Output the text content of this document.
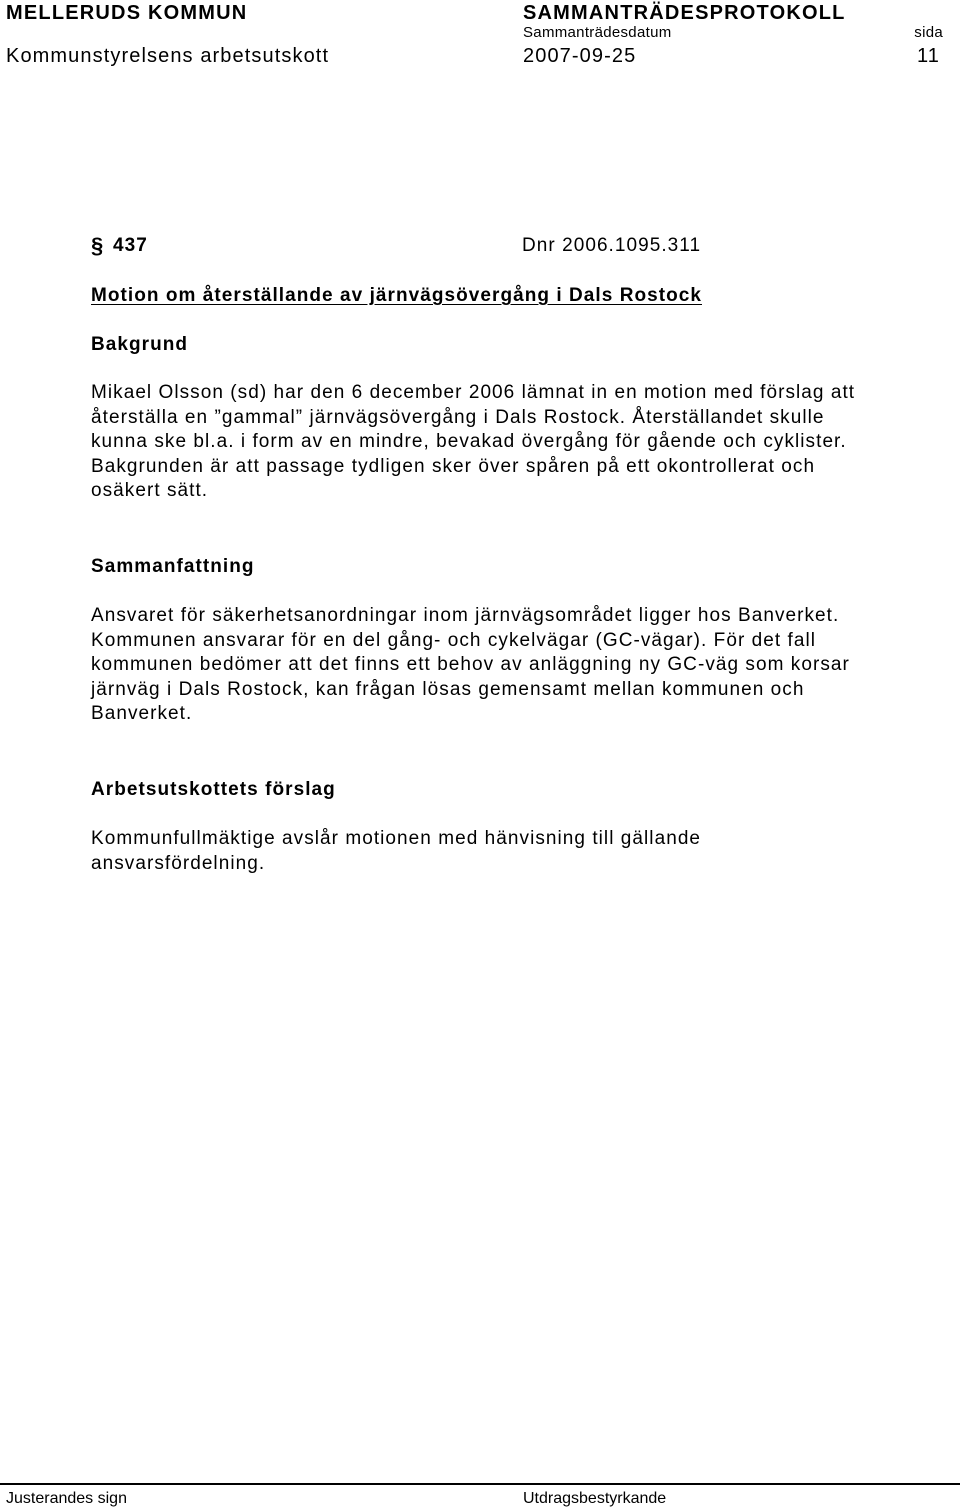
MELLERUDS KOMMUN
Kommunstyrelsens arbetsutskott
SAMMANTRÄDESPROTOKOLL
Sammanträdesdatum	sida
2007-09-25	11
§ 437	Dnr 2006.1095.311
Motion om återställande av järnvägsövergång i Dals Rostock
Bakgrund
Mikael Olsson (sd) har den 6 december 2006 lämnat in en motion med förslag att
återställa en ”gammal” järnvägsövergång i Dals Rostock. Återställandet skulle
kunna ske bl.a. i form av en mindre, bevakad övergång för gående och cyklister.
Bakgrunden är att passage tydligen sker över spåren på ett okontrollerat och
osäkert sätt.
Sammanfattning
Ansvaret för säkerhetsanordningar inom järnvägsområdet ligger hos Banverket.
Kommunen ansvarar för en del gång- och cykelvägar (GC-vägar). För det fall
kommunen bedömer att det finns ett behov av anläggning ny GC-väg som korsar
järnväg i Dals Rostock, kan frågan lösas gemensamt mellan kommunen och
Banverket.
Arbetsutskottets förslag
Kommunfullmäktige avslår motionen med hänvisning till gällande
ansvarsfördelning.
Justerandes sign	Utdragsbestyrkande
